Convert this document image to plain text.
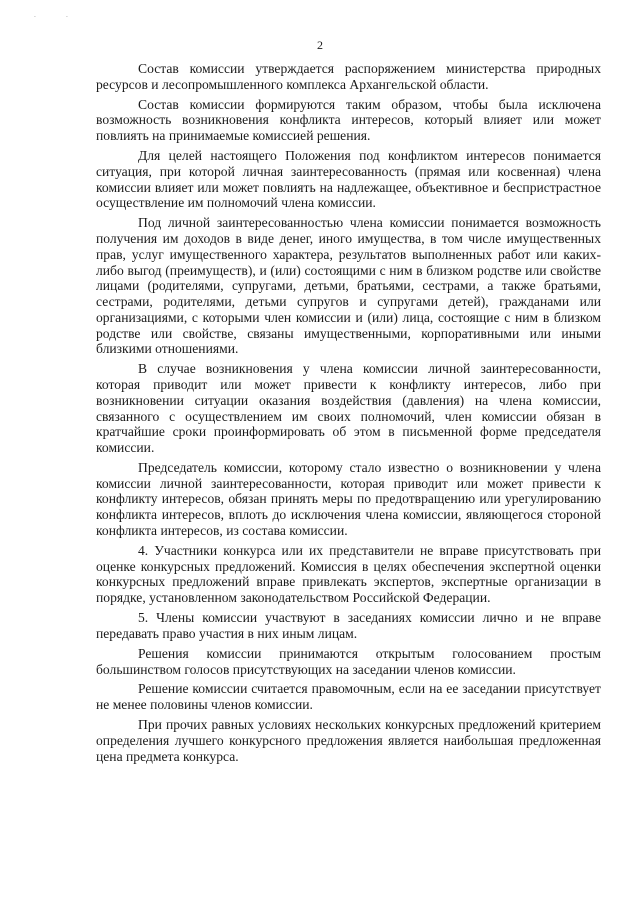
·	·
2

Состав комиссии утверждается распоряжением министерства природных ресурсов и лесопромышленного комплекса Архангельской области.

Состав комиссии формируются таким образом, чтобы была исключена возможность возникновения конфликта интересов, который влияет или может повлиять на принимаемые комиссией решения.

Для целей настоящего Положения под конфликтом интересов понимается ситуация, при которой личная заинтересованность (прямая или косвенная) члена комиссии влияет или может повлиять на надлежащее, объективное и беспристрастное осуществление им полномочий члена комиссии.

Под личной заинтересованностью члена комиссии понимается возможность получения им доходов в виде денег, иного имущества, в том числе имущественных прав, услуг имущественного характера, результатов выполненных работ или каких-либо выгод (преимуществ), и (или) состоящими с ним в близком родстве или свойстве лицами (родителями, супругами, детьми, братьями, сестрами, а также братьями, сестрами, родителями, детьми супругов и супругами детей), гражданами или организациями, с которыми член комиссии и (или) лица, состоящие с ним в близком родстве или свойстве, связаны имущественными, корпоративными или иными близкими отношениями.

В случае возникновения у члена комиссии личной заинтересованности, которая приводит или может привести к конфликту интересов, либо при возникновении ситуации оказания воздействия (давления) на члена комиссии, связанного с осуществлением им своих полномочий, член комиссии обязан в кратчайшие сроки проинформировать об этом в письменной форме председателя комиссии.

Председатель комиссии, которому стало известно о возникновении у члена комиссии личной заинтересованности, которая приводит или может привести к конфликту интересов, обязан принять меры по предотвращению или урегулированию конфликта интересов, вплоть до исключения члена комиссии, являющегося стороной конфликта интересов, из состава комиссии.

4. Участники конкурса или их представители не вправе присутствовать при оценке конкурсных предложений. Комиссия в целях обеспечения экспертной оценки конкурсных предложений вправе привлекать экспертов, экспертные организации в порядке, установленном законодательством Российской Федерации.

5. Члены комиссии участвуют в заседаниях комиссии лично и не вправе передавать право участия в них иным лицам.

Решения комиссии принимаются открытым голосованием простым большинством голосов присутствующих на заседании членов комиссии.

Решение комиссии считается правомочным, если на ее заседании присутствует не менее половины членов комиссии.

При прочих равных условиях нескольких конкурсных предложений критерием определения лучшего конкурсного предложения является наибольшая предложенная цена предмета конкурса.
